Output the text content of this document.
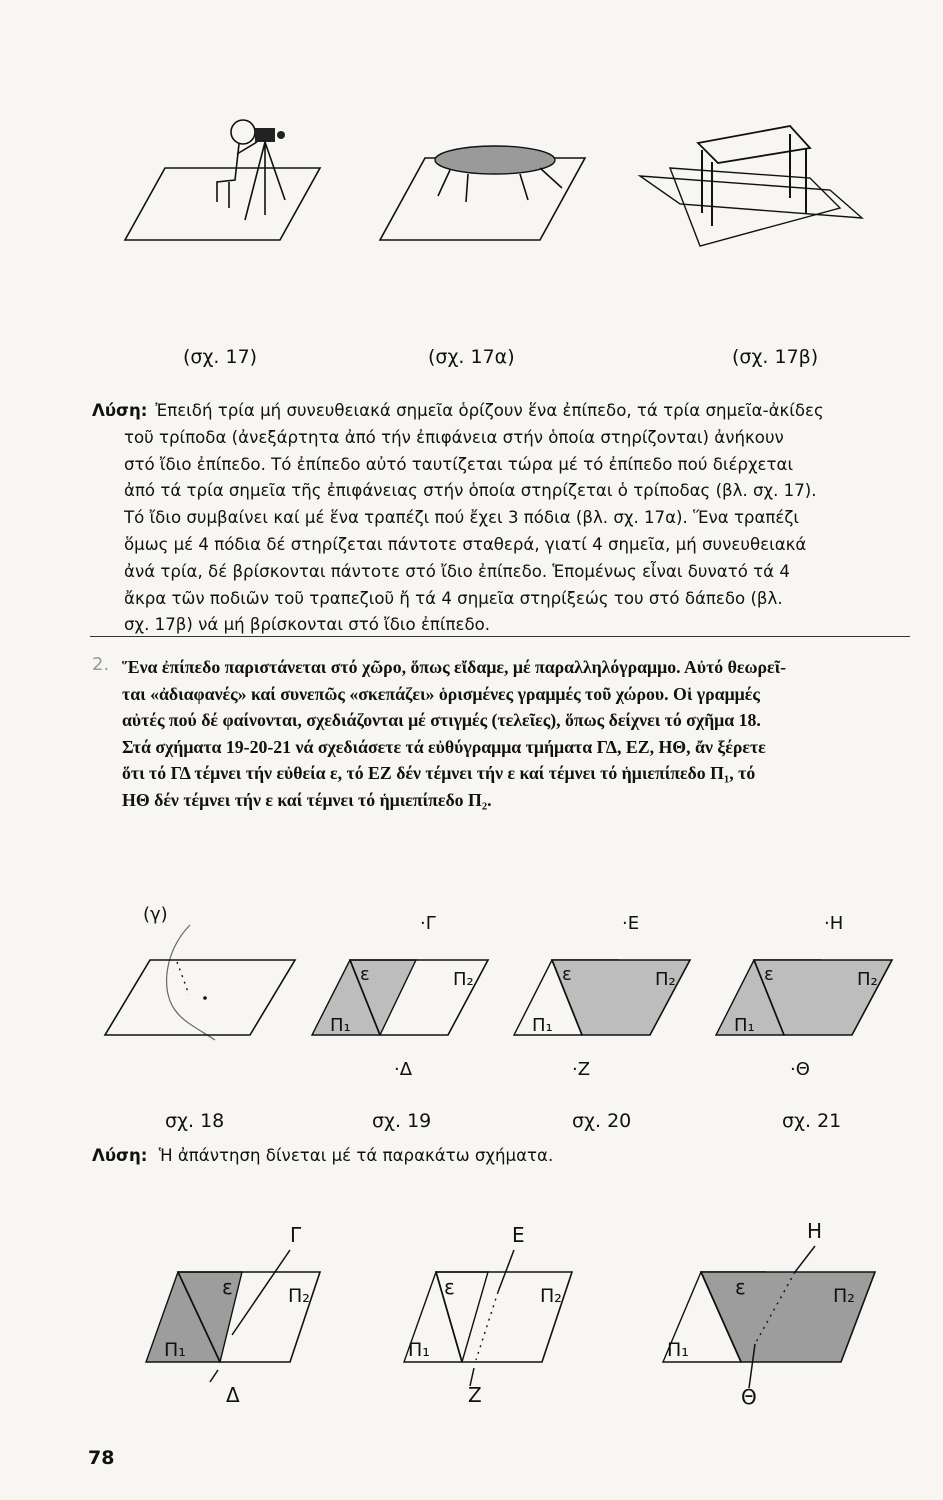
(σχ. 17)	(σχ. 17α)	(σχ. 17β)
Λύση: Ἐπειδή τρία μή συνευθειακά σημεῖα ὁρίζουν ἕνα ἐπίπεδο, τά τρία σημεῖα-ἀκίδες
τοῦ τρίποδα (ἀνεξάρτητα ἀπό τήν ἐπιφάνεια στήν ὁποία στηρίζονται) ἀνήκουν
στό ἴδιο ἐπίπεδο. Τό ἐπίπεδο αὐτό ταυτίζεται τώρα μέ τό ἐπίπεδο πού διέρχεται
ἀπό τά τρία σημεῖα τῆς ἐπιφάνειας στήν ὁποία στηρίζεται ὁ τρίποδας (βλ. σχ. 17).
Τό ἴδιο συμβαίνει καί μέ ἕνα τραπέζι πού ἔχει 3 πόδια (βλ. σχ. 17α). Ἕνα τραπέζι
ὅμως μέ 4 πόδια δέ στηρίζεται πάντοτε σταθερά, γιατί 4 σημεῖα, μή συνευθειακά
ἀνά τρία, δέ βρίσκονται πάντοτε στό ἴδιο ἐπίπεδο. Ἑπομένως εἶναι δυνατό τά 4
ἄκρα τῶν ποδιῶν τοῦ τραπεζιοῦ ἤ τά 4 σημεῖα στηρίξεώς του στό δάπεδο (βλ.
σχ. 17β) νά μή βρίσκονται στό ἴδιο ἐπίπεδο.
2. Ἕνα ἐπίπεδο παριστάνεται στό χῶρο, ὅπως εἴδαμε, μέ παραλληλόγραμμο. Αὐτό θεωρεῖ-
ται «ἀδιαφανές» καί συνεπῶς «σκεπάζει» ὁρισμένες γραμμές τοῦ χώρου. Οἱ γραμμές
αὐτές πού δέ φαίνονται, σχεδιάζονται μέ στιγμές (τελεῖες), ὅπως δείχνει τό σχῆμα 18.
Στά σχήματα 19-20-21 νά σχεδιάσετε τά εὐθύγραμμα τμήματα ΓΔ, ΕΖ, ΗΘ, ἄν ξέρετε
ὅτι τό ΓΔ τέμνει τήν εὐθεία ε, τό ΕΖ δέν τέμνει τήν ε καί τέμνει τό ἡμιεπίπεδο Π₁, τό
ΗΘ δέν τέμνει τήν ε καί τέμνει τό ἡμιεπίπεδο Π₂.
(γ)	·Γ
ε	Π₂
Π₁
·Δ
·Ε
ε	Π₂
Π₁
·Ζ
·Η
ε	Π₂
Π₁
·Θ
σχ. 18	σχ. 19	σχ. 20	σχ. 21
Λύση: Ἡ ἀπάντηση δίνεται μέ τά παρακάτω σχήματα.
Γ
ε	Π₂
Π₁
Δ
Ε
ε	Π₂
Π₁
Ζ
Η
ε	Π₂
Π₁
Θ
78
